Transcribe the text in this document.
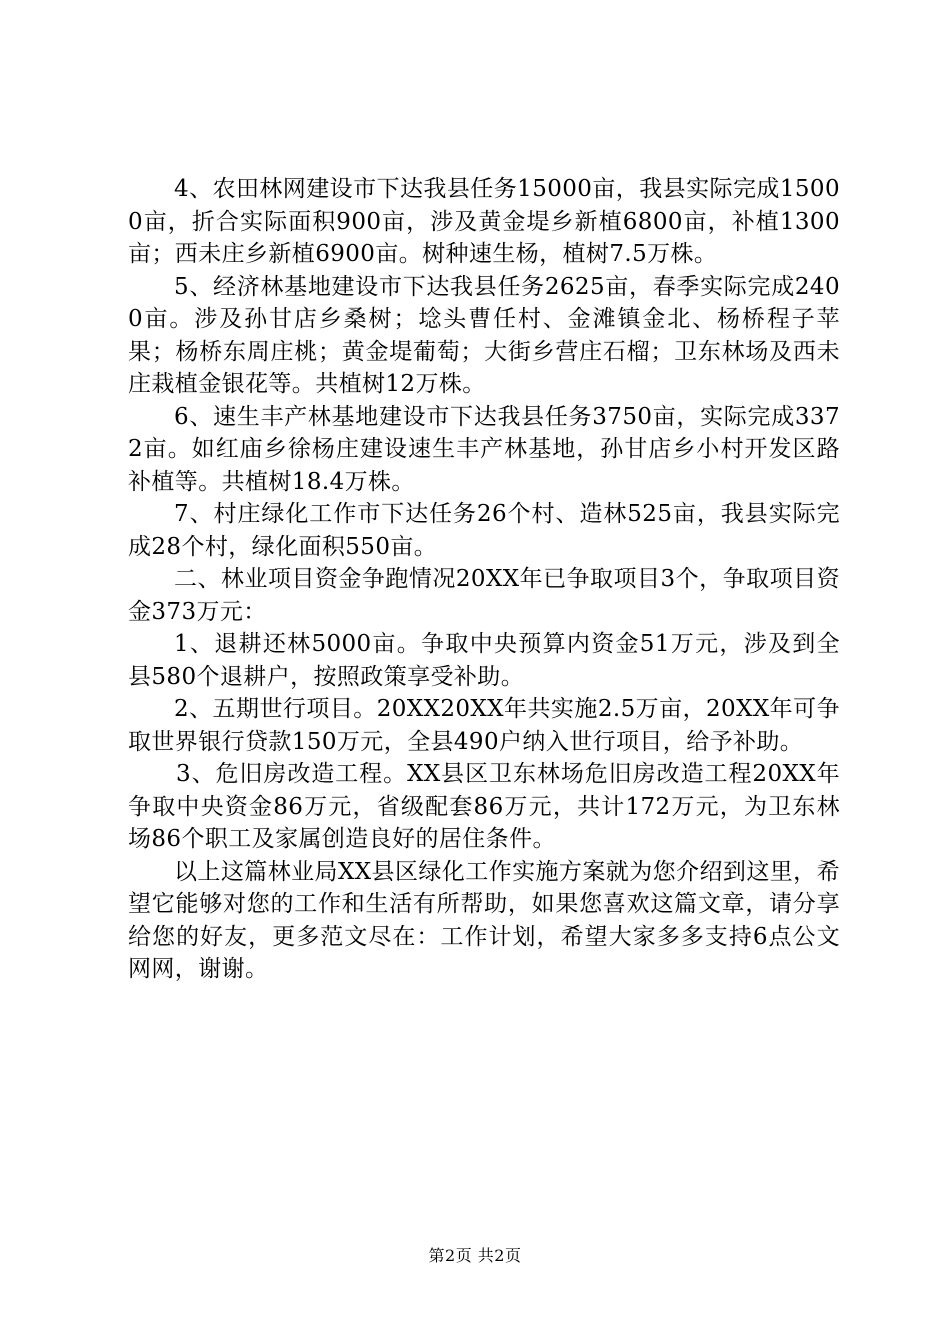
4、农田林网建设市下达我县任务15000亩，我县实际完成15000亩，折合实际面积900亩，涉及黄金堤乡新植6800亩，补植1300亩；西未庄乡新植6900亩。树种速生杨，植树7.5万株。

5、经济林基地建设市下达我县任务2625亩，春季实际完成2400亩。涉及孙甘店乡桑树；埝头曹任村、金滩镇金北、杨桥程子苹果；杨桥东周庄桃；黄金堤葡萄；大街乡营庄石榴；卫东林场及西未庄栽植金银花等。共植树12万株。

6、速生丰产林基地建设市下达我县任务3750亩，实际完成3372亩。如红庙乡徐杨庄建设速生丰产林基地，孙甘店乡小村开发区路补植等。共植树18.4万株。

7、村庄绿化工作市下达任务26个村、造林525亩，我县实际完成28个村，绿化面积550亩。

二、林业项目资金争跑情况20XX年已争取项目3个，争取项目资金373万元：

1、退耕还林5000亩。争取中央预算内资金51万元，涉及到全县580个退耕户，按照政策享受补助。

2、五期世行项目。20XX20XX年共实施2.5万亩，20XX年可争取世界银行贷款150万元，全县490户纳入世行项目，给予补助。

3、危旧房改造工程。XX县区卫东林场危旧房改造工程20XX年争取中央资金86万元，省级配套86万元，共计172万元，为卫东林场86个职工及家属创造良好的居住条件。

以上这篇林业局XX县区绿化工作实施方案就为您介绍到这里，希望它能够对您的工作和生活有所帮助，如果您喜欢这篇文章，请分享给您的好友，更多范文尽在：工作计划，希望大家多多支持6点公文网网，谢谢。

第2页 共2页
